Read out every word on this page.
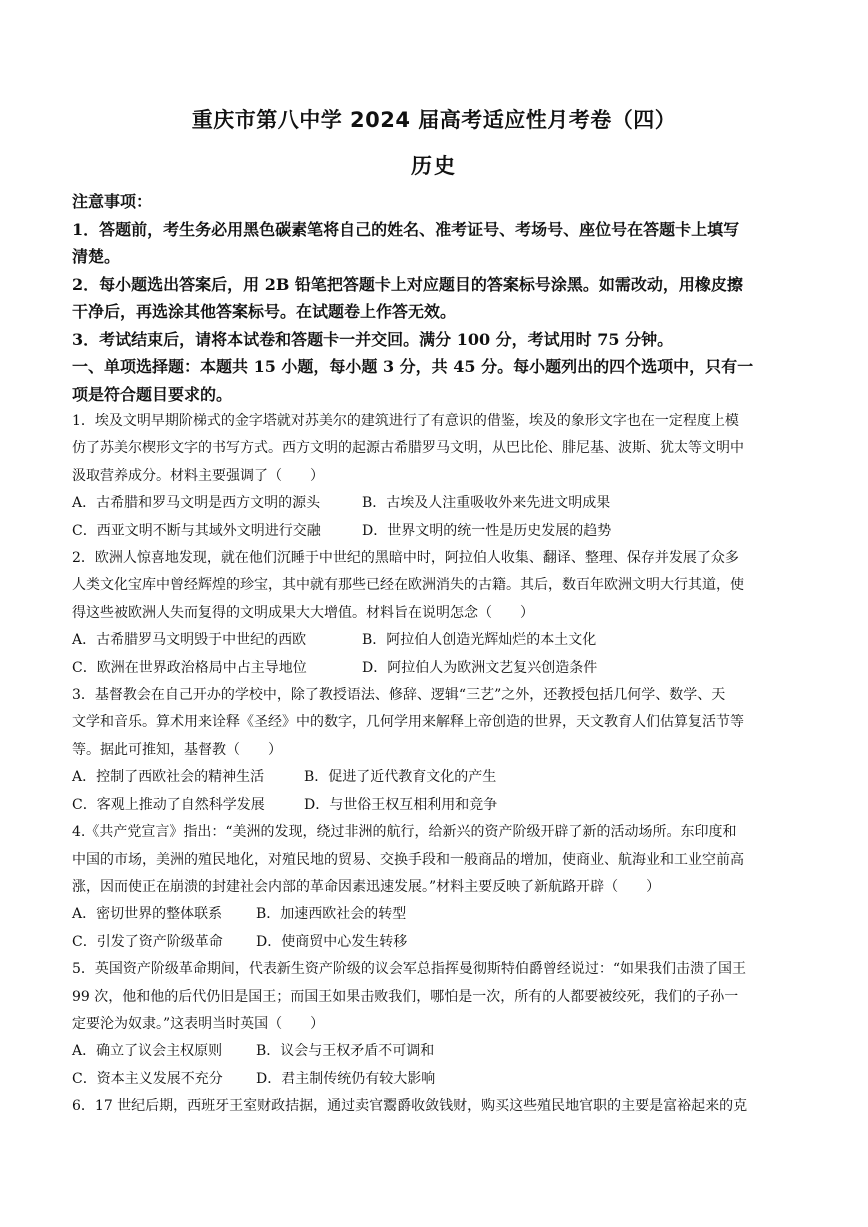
重庆市第八中学 2024 届高考适应性月考卷（四）
历史
注意事项：
1．答题前，考生务必用黑色碳素笔将自己的姓名、准考证号、考场号、座位号在答题卡上填写
清楚。
2．每小题选出答案后，用 2B 铅笔把答题卡上对应题目的答案标号涂黑。如需改动，用橡皮擦
干净后，再选涂其他答案标号。在试题卷上作答无效。
3．考试结束后，请将本试卷和答题卡一并交回。满分 100 分，考试用时 75 分钟。
一、单项选择题：本题共 15 小题，每小题 3 分，共 45 分。每小题列出的四个选项中，只有一
项是符合题目要求的。
1．埃及文明早期阶梯式的金字塔就对苏美尔的建筑进行了有意识的借鉴，埃及的象形文字也在一定程度上模
仿了苏美尔楔形文字的书写方式。西方文明的起源古希腊罗马文明，从巴比伦、腓尼基、波斯、犹太等文明中
汲取营养成分。材料主要强调了（　　）
A．古希腊和罗马文明是西方文明的源头	B．古埃及人注重吸收外来先进文明成果
C．西亚文明不断与其域外文明进行交融	D．世界文明的统一性是历史发展的趋势
2．欧洲人惊喜地发现，就在他们沉睡于中世纪的黑暗中时，阿拉伯人收集、翻译、整理、保存并发展了众多
人类文化宝库中曾经辉煌的珍宝，其中就有那些已经在欧洲消失的古籍。其后，数百年欧洲文明大行其道，使
得这些被欧洲人失而复得的文明成果大大增值。材料旨在说明怎念（　　）
A．古希腊罗马文明毁于中世纪的西欧	B．阿拉伯人创造光辉灿烂的本土文化
C．欧洲在世界政治格局中占主导地位	D．阿拉伯人为欧洲文艺复兴创造条件
3．基督教会在自己开办的学校中，除了教授语法、修辞、逻辑“三艺”之外，还教授包括几何学、数学、天
文学和音乐。算术用来诠释《圣经》中的数字，几何学用来解释上帝创造的世界，天文教育人们估算复活节等
等。据此可推知，基督教（　　）
A．控制了西欧社会的精神生活	B．促进了近代教育文化的产生
C．客观上推动了自然科学发展	D．与世俗王权互相利用和竞争
4.《共产党宣言》指出：“美洲的发现，绕过非洲的航行，给新兴的资产阶级开辟了新的活动场所。东印度和
中国的市场，美洲的殖民地化，对殖民地的贸易、交换手段和一般商品的增加，使商业、航海业和工业空前高
涨，因而使正在崩溃的封建社会内部的革命因素迅速发展。”材料主要反映了新航路开辟（　　）
A．密切世界的整体联系 B．加速西欧社会的转型
C．引发了资产阶级革命 D．使商贸中心发生转移
5．英国资产阶级革命期间，代表新生资产阶级的议会军总指挥曼彻斯特伯爵曾经说过：“如果我们击溃了国王
99 次，他和他的后代仍旧是国王；而国王如果击败我们，哪怕是一次，所有的人都要被绞死，我们的子孙一
定要沦为奴隶。”这表明当时英国（　　）
A．确立了议会主权原则 B．议会与王权矛盾不可调和
C．资本主义发展不充分 D．君主制传统仍有较大影响
6．17 世纪后期，西班牙王室财政拮据，通过卖官鬻爵收敛钱财，购买这些殖民地官职的主要是富裕起来的克
